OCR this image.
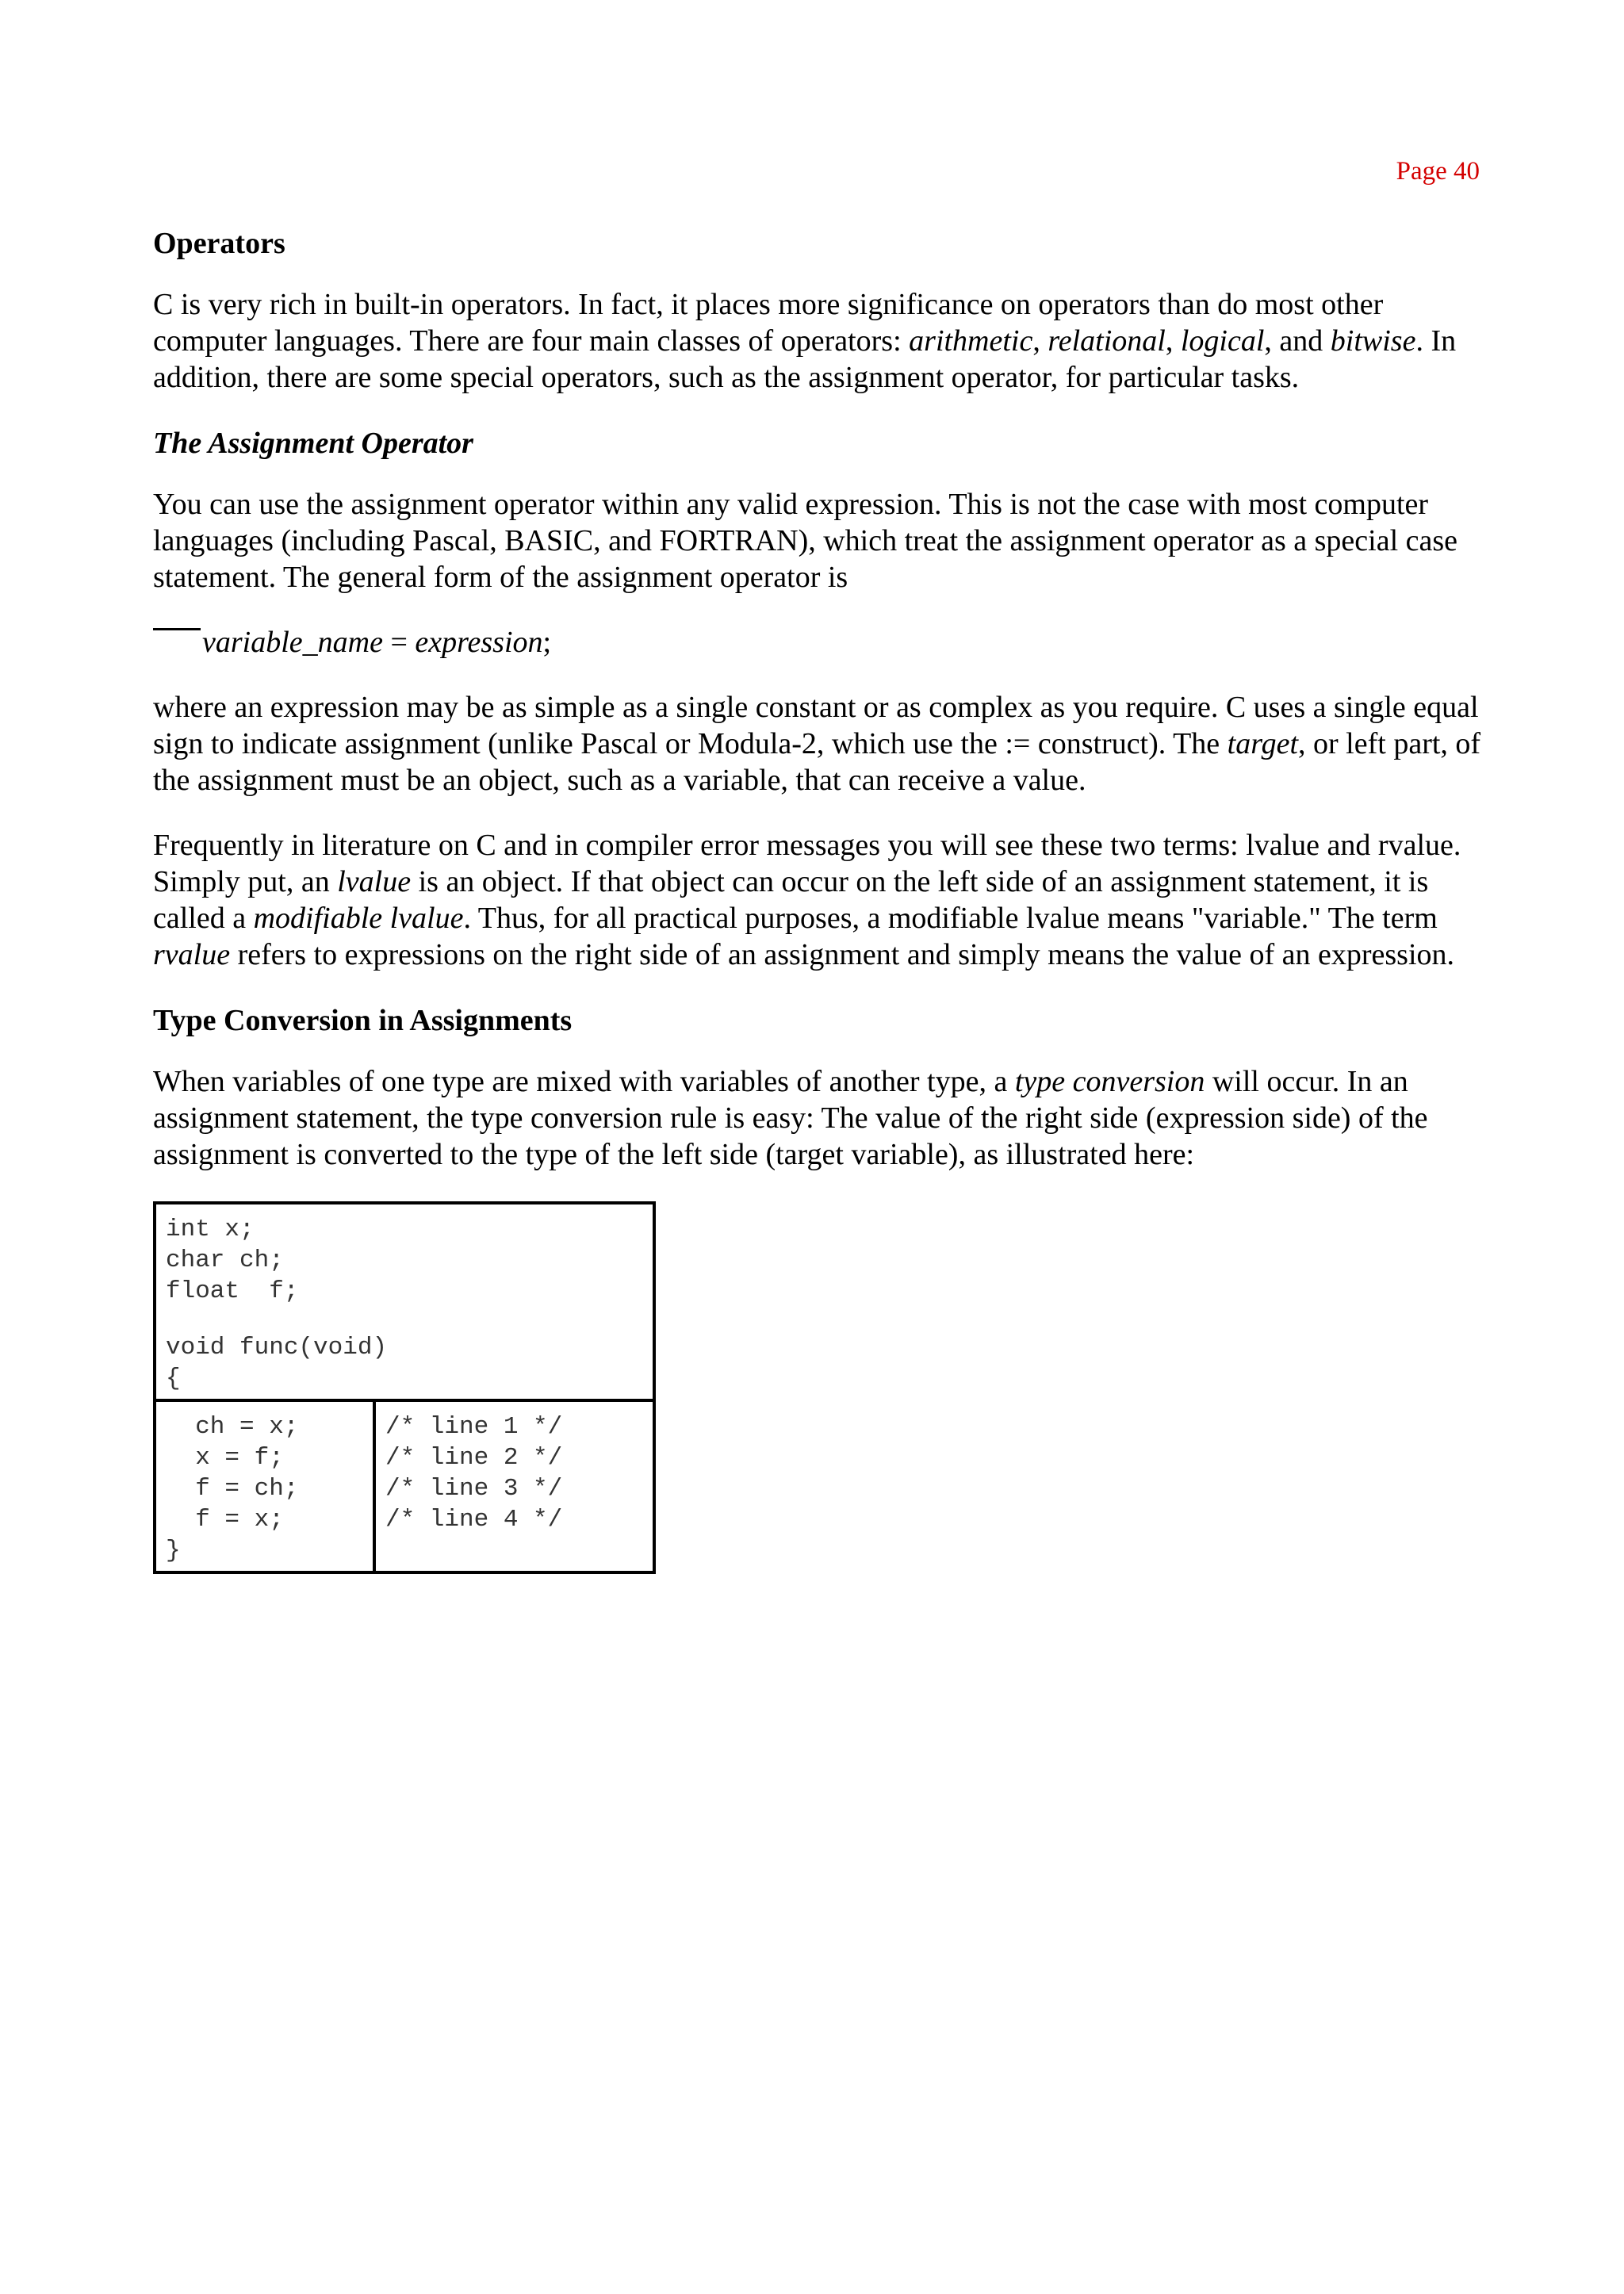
Page 40
Operators

C is very rich in built-in operators. In fact, it places more significance on operators than do most other computer languages. There are four main classes of operators: arithmetic, relational, logical, and bitwise. In addition, there are some special operators, such as the assignment operator, for particular tasks.

The Assignment Operator

You can use the assignment operator within any valid expression. This is not the case with most computer languages (including Pascal, BASIC, and FORTRAN), which treat the assignment operator as a special case statement. The general form of the assignment operator is

variable_name = expression;

where an expression may be as simple as a single constant or as complex as you require. C uses a single equal sign to indicate assignment (unlike Pascal or Modula-2, which use the := construct). The target, or left part, of the assignment must be an object, such as a variable, that can receive a value.

Frequently in literature on C and in compiler error messages you will see these two terms: lvalue and rvalue. Simply put, an lvalue is an object. If that object can occur on the left side of an assignment statement, it is called a modifiable lvalue. Thus, for all practical purposes, a modifiable lvalue means "variable." The term rvalue refers to expressions on the right side of an assignment and simply means the value of an expression.

Type Conversion in Assignments

When variables of one type are mixed with variables of another type, a type conversion will occur. In an assignment statement, the type conversion rule is easy: The value of the right side (expression side) of the assignment is converted to the type of the left side (target variable), as illustrated here:

int x;
char ch;
float  f;
void func(void)
{
ch = x;
x = f;
f = ch;
f = x;
}
/* line 1 */
/* line 2 */
/* line 3 */
/* line 4 */
